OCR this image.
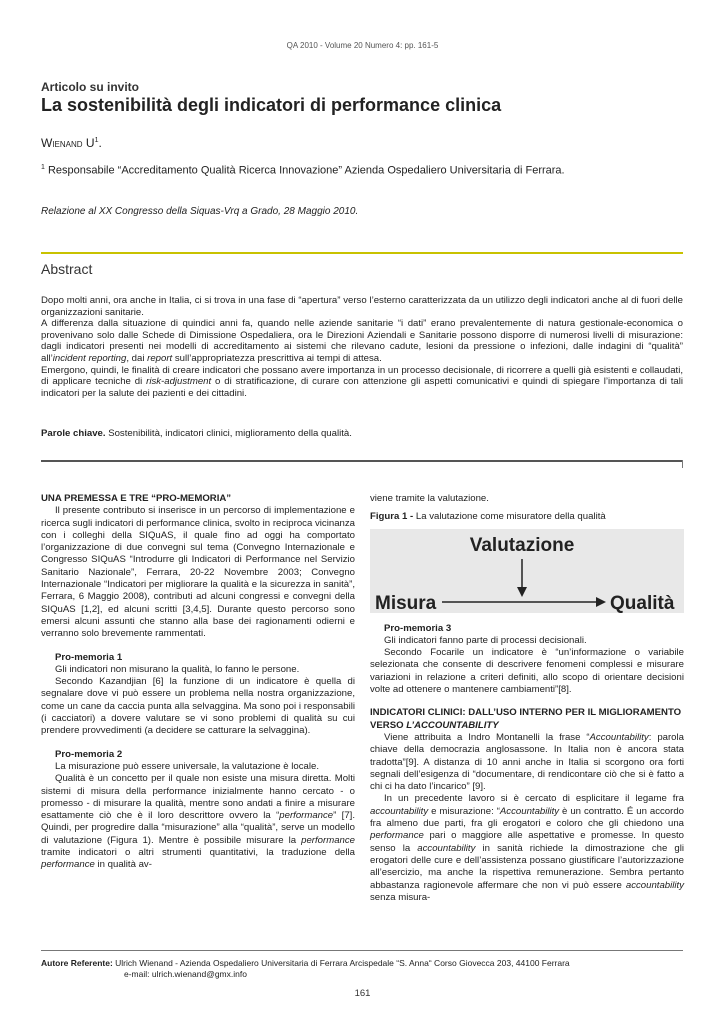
QA 2010 - Volume 20 Numero 4: pp. 161-5
Articolo su invito
La sostenibilità degli indicatori di performance clinica
Wienand $U^1$.
$^1$ Responsabile “Accreditamento Qualità Ricerca Innovazione” Azienda Ospedaliero Universitaria di Ferrara.
Relazione al XX Congresso della Siquas-Vrq a Grado, 28 Maggio 2010.
Abstract

Dopo molti anni, ora anche in Italia, ci si trova in una fase di “apertura” verso l’esterno caratterizzata da un utilizzo degli indicatori anche al di fuori delle organizzazioni sanitarie.

A differenza dalla situazione di quindici anni fa, quando nelle aziende sanitarie “i dati” erano prevalentemente di natura gestionale-economica o provenivano solo dalle Schede di Dimissione Ospedaliera, ora le Direzioni Aziendali e Sanitarie possono disporre di numerosi livelli di misurazione: dagli indicatori presenti nei modelli di accreditamento ai sistemi che rilevano cadute, lesioni da pressione o infezioni, dalle indagini di “qualità” all’incident reporting, dai report sull’appropriatezza prescrittiva ai tempi di attesa.

Emergono, quindi, le finalità di creare indicatori che possano avere importanza in un processo decisionale, di ricorrere a quelli già esistenti e collaudati, di applicare tecniche di risk-adjustment o di stratificazione, di curare con attenzione gli aspetti comunicativi e quindi di spiegare l’importanza di tali indicatori per la salute dei pazienti e dei cittadini.

Parole chiave. Sostenibilità, indicatori clinici, miglioramento della qualità.

UNA PREMESSA E TRE “PRO-MEMORIA”

Il presente contributo si inserisce in un percorso di implementazione e ricerca sugli indicatori di performance clinica, svolto in reciproca vicinanza con i colleghi della SIQuAS, il quale fino ad oggi ha comportato l’organizzazione di due convegni sul tema (Convegno Internazionale e Congresso SIQuAS “Introdurre gli Indicatori di Performance nel Servizio Sanitario Nazionale”, Ferrara, 20-22 Novembre 2003; Convegno Internazionale “Indicatori per migliorare la qualità e la sicurezza in sanità”, Ferrara, 6 Maggio 2008), contributi ad alcuni congressi e convegni della SIQuAS [1,2], ed alcuni scritti [3,4,5]. Durante questo percorso sono emersi alcuni assunti che stanno alla base dei ragionamenti odierni e verranno solo brevemente rammentati.

Pro-memoria 1

Gli indicatori non misurano la qualità, lo fanno le persone.

Secondo Kazandjian [6] la funzione di un indicatore è quella di segnalare dove vi può essere un problema nella nostra organizzazione, come un cane da caccia punta alla selvaggina. Ma sono poi i responsabili (i cacciatori) a dovere valutare se vi sono problemi di qualità su cui prendere provvedimenti (a decidere se catturare la selvaggina).

Pro-memoria 2

La misurazione può essere universale, la valutazione è locale.

Qualità è un concetto per il quale non esiste una misura diretta. Molti sistemi di misura della performance inizialmente hanno cercato - o promesso - di misurare la qualità, mentre sono andati a finire a misurare esattamente ciò che è il loro descrittore ovvero la “performance” [7]. Quindi, per progredire dalla “misurazione” alla “qualità”, serve un modello di valutazione (Figura 1). Mentre è possibile misurare la performance tramite indicatori o altri strumenti quantitativi, la traduzione della performance in qualità av-

viene tramite la valutazione.

Figura 1 - La valutazione come misuratore della qualità
Valutazione
Misura	Qualità

Pro-memoria 3

Gli indicatori fanno parte di processi decisionali.

Secondo Focarile un indicatore è “un’informazione o variabile selezionata che consente di descrivere fenomeni complessi e misurare variazioni in relazione a criteri definiti, allo scopo di orientare decisioni volte ad ottenere o mantenere cambiamenti”[8].

INDICATORI CLINICI: DALL’USO INTERNO PER IL MIGLIORAMENTO VERSO L’ACCOUNTABILITY

Viene attribuita a Indro Montanelli la frase “Accountability: parola chiave della democrazia anglosassone. In Italia non è ancora stata tradotta”[9]. A distanza di 10 anni anche in Italia si scorgono ora forti segnali dell’esigenza di “documentare, di rendicontare ciò che si è fatto a chi ci ha dato l’incarico” [9].

In un precedente lavoro si è cercato di esplicitare il legame fra accountability e misurazione: “Accountability è un contratto. É un accordo fra almeno due parti, fra gli erogatori e coloro che gli chiedono una performance pari o maggiore alle aspettative e promesse. In questo senso la accountability in sanità richiede la dimostrazione che gli erogatori delle cure e dell’assistenza possano giustificare l’autorizzazione all’esercizio, ma anche la rispettiva remunerazione. Sembra pertanto abbastanza ragionevole affermare che non vi può essere accountability senza misura-

Autore Referente: Ulrich Wienand - Azienda Ospedaliero Universitaria di Ferrara Arcispedale “S. Anna“ Corso Giovecca 203, 44100 Ferrara
e-mail: ulrich.wienand@gmx.info
161
